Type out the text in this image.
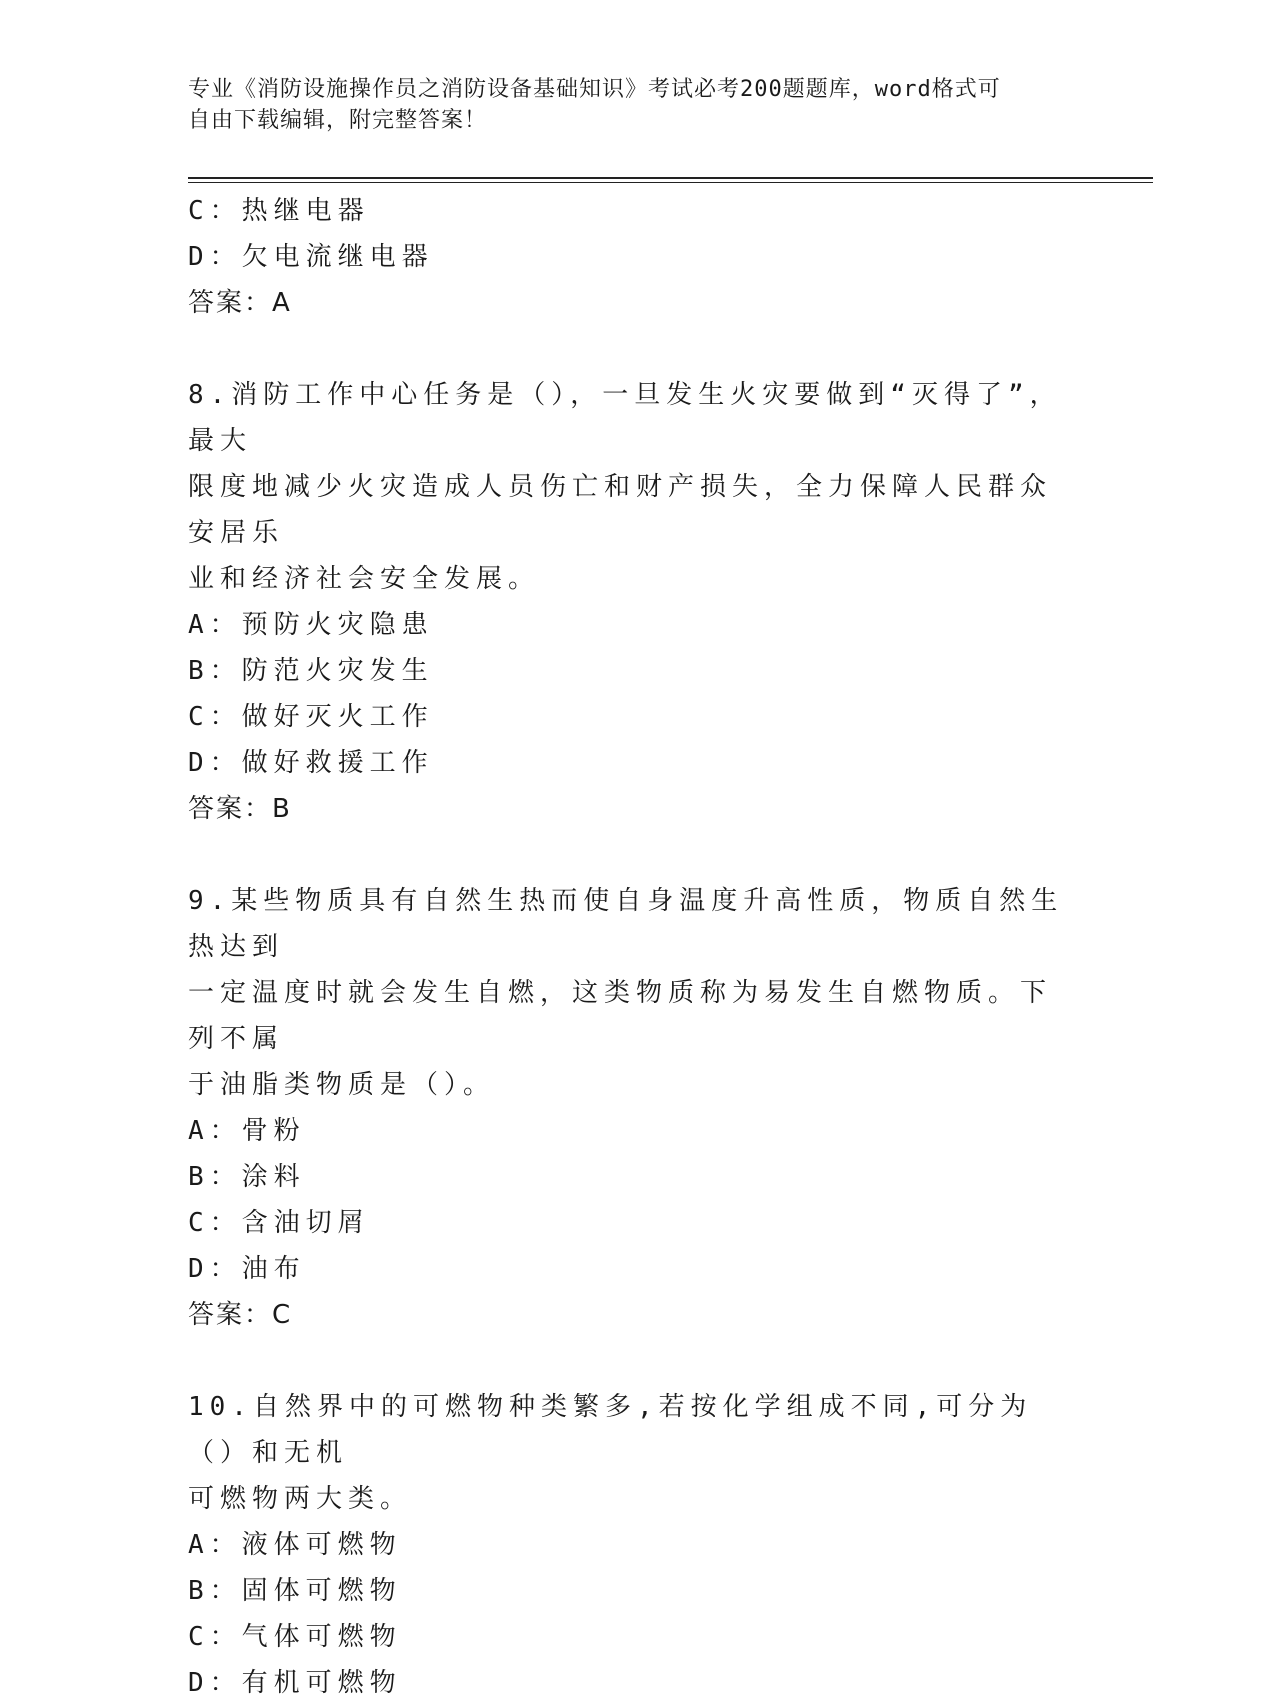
专业《消防设施操作员之消防设备基础知识》考试必考200题题库，word格式可
自由下载编辑，附完整答案！
C：热继电器
D：欠电流继电器
答案：A
8.消防工作中心任务是（），一旦发生火灾要做到“灭得了”，最大
限度地减少火灾造成人员伤亡和财产损失，全力保障人民群众安居乐
业和经济社会安全发展。
A：预防火灾隐患
B：防范火灾发生
C：做好灭火工作
D：做好救援工作
答案：B
9.某些物质具有自然生热而使自身温度升高性质，物质自然生热达到
一定温度时就会发生自燃，这类物质称为易发生自燃物质。下列不属
于油脂类物质是（）。
A：骨粉
B：涂料
C：含油切屑
D：油布
答案：C
10.自然界中的可燃物种类繁多,若按化学组成不同,可分为（）和无机
可燃物两大类。
A：液体可燃物
B：固体可燃物
C：气体可燃物
D：有机可燃物
